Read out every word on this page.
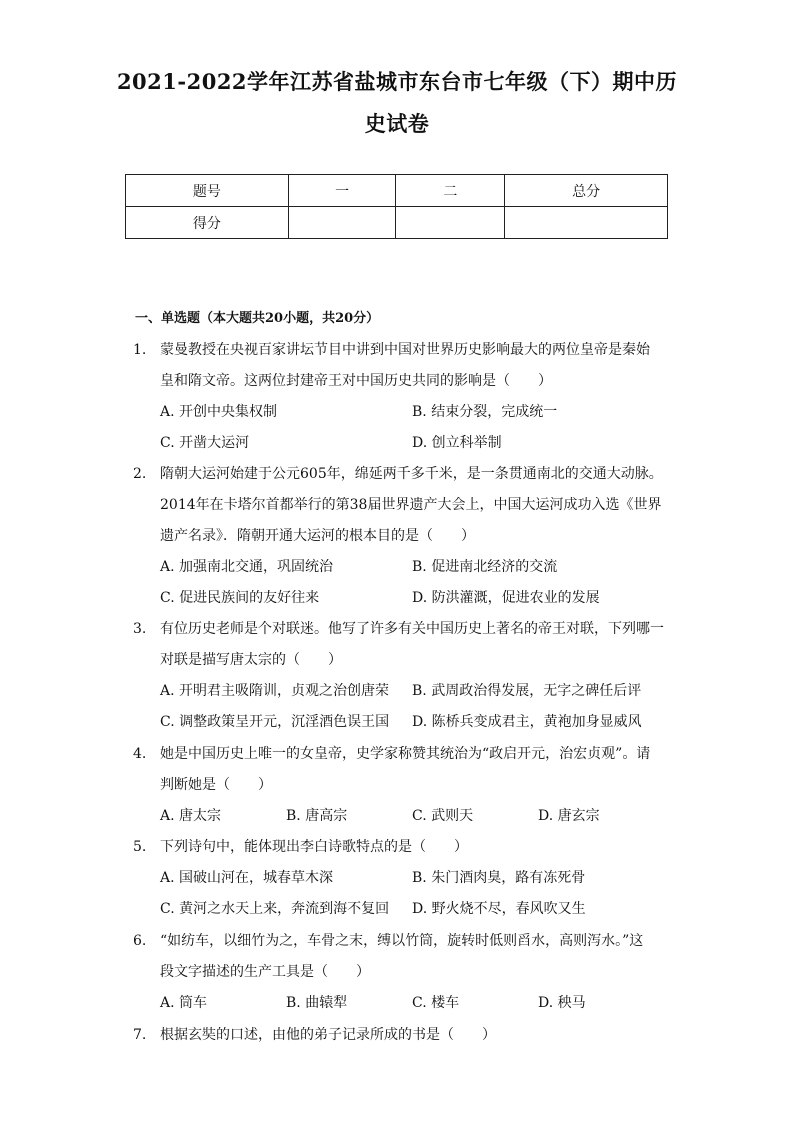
2021-2022学年江苏省盐城市东台市七年级（下）期中历
史试卷
题号	一	二	总分
得分			
一、单选题（本大题共20小题，共20分）
1. 蒙曼教授在央视百家讲坛节目中讲到中国对世界历史影响最大的两位皇帝是秦始
皇和隋文帝。这两位封建帝王对中国历史共同的影响是（　　）
A. 开创中央集权制	B. 结束分裂，完成统一
C. 开凿大运河	D. 创立科举制
2. 隋朝大运河始建于公元605年，绵延两千多千米，是一条贯通南北的交通大动脉。
2014年在卡塔尔首都举行的第38届世界遗产大会上，中国大运河成功入选《世界
遗产名录》．隋朝开通大运河的根本目的是（　　）
A. 加强南北交通，巩固统治	B. 促进南北经济的交流
C. 促进民族间的友好往来	D. 防洪灌溉，促进农业的发展
3. 有位历史老师是个对联迷。他写了许多有关中国历史上著名的帝王对联，下列哪一
对联是描写唐太宗的（　　）
A. 开明君主吸隋训，贞观之治创唐荣 B. 武周政治得发展，无字之碑任后评
C. 调整政策呈开元，沉淫酒色误王国 D. 陈桥兵变成君主，黄袍加身显威风
4. 她是中国历史上唯一的女皇帝，史学家称赞其统治为“政启开元，治宏贞观”。请
判断她是（　　）
A. 唐太宗	B. 唐高宗	C. 武则天	D. 唐玄宗
5. 下列诗句中，能体现出李白诗歌特点的是（　　）
A. 国破山河在，城春草木深	B. 朱门酒肉臭，路有冻死骨
C. 黄河之水天上来，奔流到海不复回 D. 野火烧不尽，春风吹又生
6. “如纺车，以细竹为之，车骨之末，缚以竹筒，旋转时低则舀水，高则泻水。”这
段文字描述的生产工具是（　　）
A. 筒车	B. 曲辕犁	C. 楼车	D. 秧马
7. 根据玄奘的口述，由他的弟子记录所成的书是（　　）
